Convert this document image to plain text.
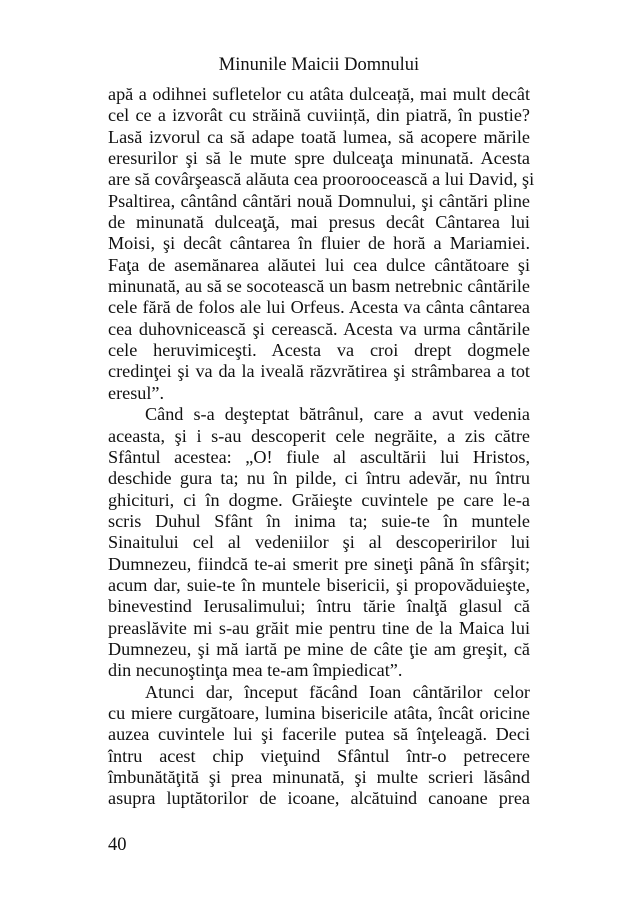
Minunile Maicii Domnului
apă a odihnei sufletelor cu atâta dulceață, mai mult decât
cel ce a izvorât cu străină cuviință, din piatră, în pustie?
Lasă izvorul ca să adape toată lumea, să acopere mările
eresurilor şi să le mute spre dulceaţa minunată. Acesta
are să covârşească alăuta cea prooroocească a lui David, şi
Psaltirea, cântând cântări nouă Domnului, şi cântări pline
de minunată dulceaţă, mai presus decât Cântarea lui
Moisi, şi decât cântarea în fluier de horă a Mariamiei.
Faţa de asemănarea alăutei lui cea dulce cântătoare şi
minunată, au să se socotească un basm netrebnic cântările
cele fără de folos ale lui Orfeus. Acesta va cânta cântarea
cea duhovnicească şi cerească. Acesta va urma cântările
cele heruvimiceşti. Acesta va croi drept dogmele
credinţei şi va da la iveală răzvrătirea şi strâmbarea a tot
eresul”.
Când s-a deşteptat bătrânul, care a avut vedenia
aceasta, şi i s-au descoperit cele negrăite, a zis către
Sfântul acestea: „O! fiule al ascultării lui Hristos,
deschide gura ta; nu în pilde, ci întru adevăr, nu întru
ghicituri, ci în dogme. Grăieşte cuvintele pe care le-a
scris Duhul Sfânt în inima ta; suie-te în muntele
Sinaitului cel al vedeniilor şi al descoperirilor lui
Dumnezeu, fiindcă te-ai smerit pre sineţi până în sfârşit;
acum dar, suie-te în muntele bisericii, şi propovăduieşte,
binevestind Ierusalimului; întru tărie înalţă glasul că
preaslăvite mi s-au grăit mie pentru tine de la Maica lui
Dumnezeu, şi mă iartă pe mine de câte ţie am greşit, că
din necunoştinţa mea te-am împiedicat”.
Atunci dar, început făcând Ioan cântărilor celor
cu miere curgătoare, lumina bisericile atâta, încât oricine
auzea cuvintele lui şi facerile putea să înţeleagă. Deci
întru acest chip vieţuind Sfântul într-o petrecere
îmbunătăţită şi prea minunată, şi multe scrieri lăsând
asupra luptătorilor de icoane, alcătuind canoane prea
40
